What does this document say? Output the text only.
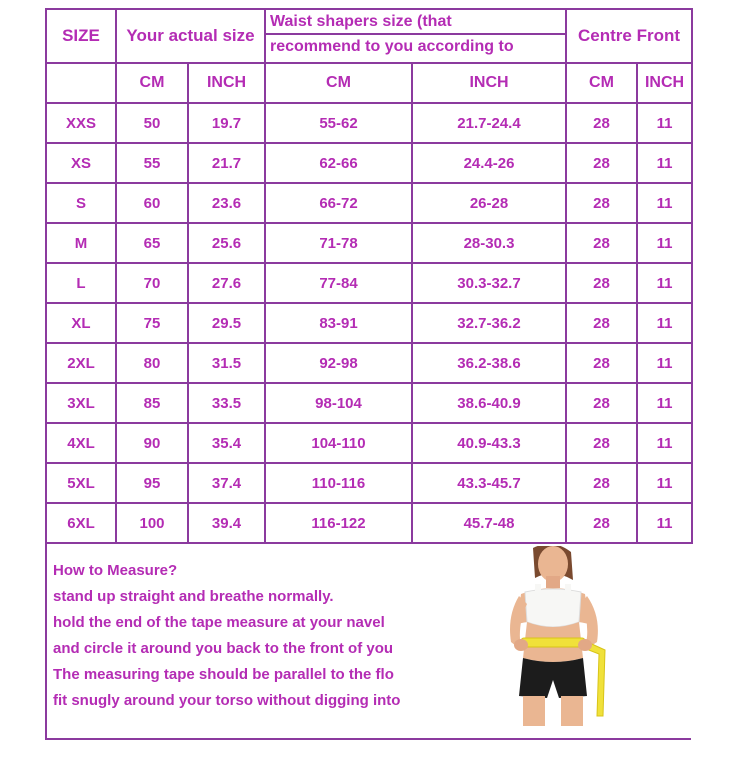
SIZE	Your actual size		Waist shapers size (that
recommend to you according to		Centre Front	
	CM	INCH	CM	INCH	CM	INCH
XXS	50	19.7	55-62	21.7-24.4	28	11
XS	55	21.7	62-66	24.4-26	28	11
S	60	23.6	66-72	26-28	28	11
M	65	25.6	71-78	28-30.3	28	11
L	70	27.6	77-84	30.3-32.7	28	11
XL	75	29.5	83-91	32.7-36.2	28	11
2XL	80	31.5	92-98	36.2-38.6	28	11
3XL	85	33.5	98-104	38.6-40.9	28	11
4XL	90	35.4	104-110	40.9-43.3	28	11
5XL	95	37.4	110-116	43.3-45.7	28	11
6XL	100	39.4	116-122	45.7-48	28	11
How to Measure?
stand up straight and breathe normally.
hold the end of the tape measure at your navel
and circle it around you back to the front of you
The measuring tape should be parallel to the flo
fit snugly around your torso without digging into
